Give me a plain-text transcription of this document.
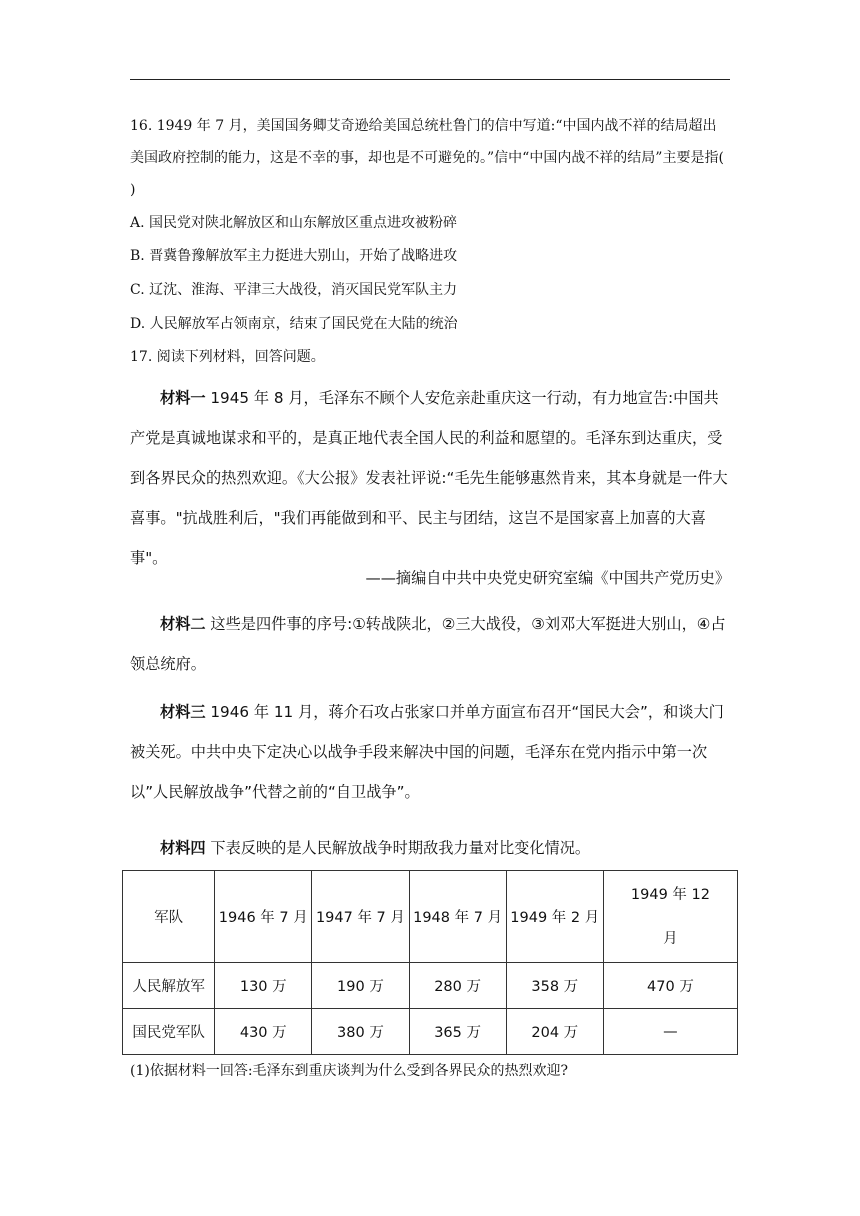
16. 1949 年 7 月，美国国务卿艾奇逊给美国总统杜鲁门的信中写道:“中国内战不祥的结局超出美国政府控制的能力，这是不幸的事，却也是不可避免的。”信中“中国内战不祥的结局”主要是指(　 )
A. 国民党对陕北解放区和山东解放区重点进攻被粉碎
B. 晋冀鲁豫解放军主力挺进大别山，开始了战略进攻
C. 辽沈、淮海、平津三大战役，消灭国民党军队主力
D. 人民解放军占领南京，结束了国民党在大陆的统治
17. 阅读下列材料，回答问题。
材料一 1945 年 8 月，毛泽东不顾个人安危亲赴重庆这一行动，有力地宣告:中国共产党是真诚地谋求和平的，是真正地代表全国人民的利益和愿望的。毛泽东到达重庆，受到各界民众的热烈欢迎。《大公报》发表社评说:“毛先生能够惠然肯来，其本身就是一件大喜事。"抗战胜利后，"我们再能做到和平、民主与团结，这岂不是国家喜上加喜的大喜事"。
——摘编自中共中央党史研究室编《中国共产党历史》
材料二 这些是四件事的序号:①转战陕北，②三大战役，③刘邓大军挺进大别山，④占领总统府。
材料三 1946 年 11 月，蒋介石攻占张家口并单方面宣布召开“国民大会”，和谈大门被关死。中共中央下定决心以战争手段来解决中国的问题，毛泽东在党内指示中第一次以”人民解放战争”代替之前的“自卫战争”。
材料四 下表反映的是人民解放战争时期敌我力量对比变化情况。
军队	1946 年 7 月	1947 年 7 月	1948 年 7 月	1949 年 2 月	1949 年 12 月
人民解放军	130 万	190 万	280 万	358 万	470 万
国民党军队	430 万	380 万	365 万	204 万	—
(1)依据材料一回答:毛泽东到重庆谈判为什么受到各界民众的热烈欢迎?
